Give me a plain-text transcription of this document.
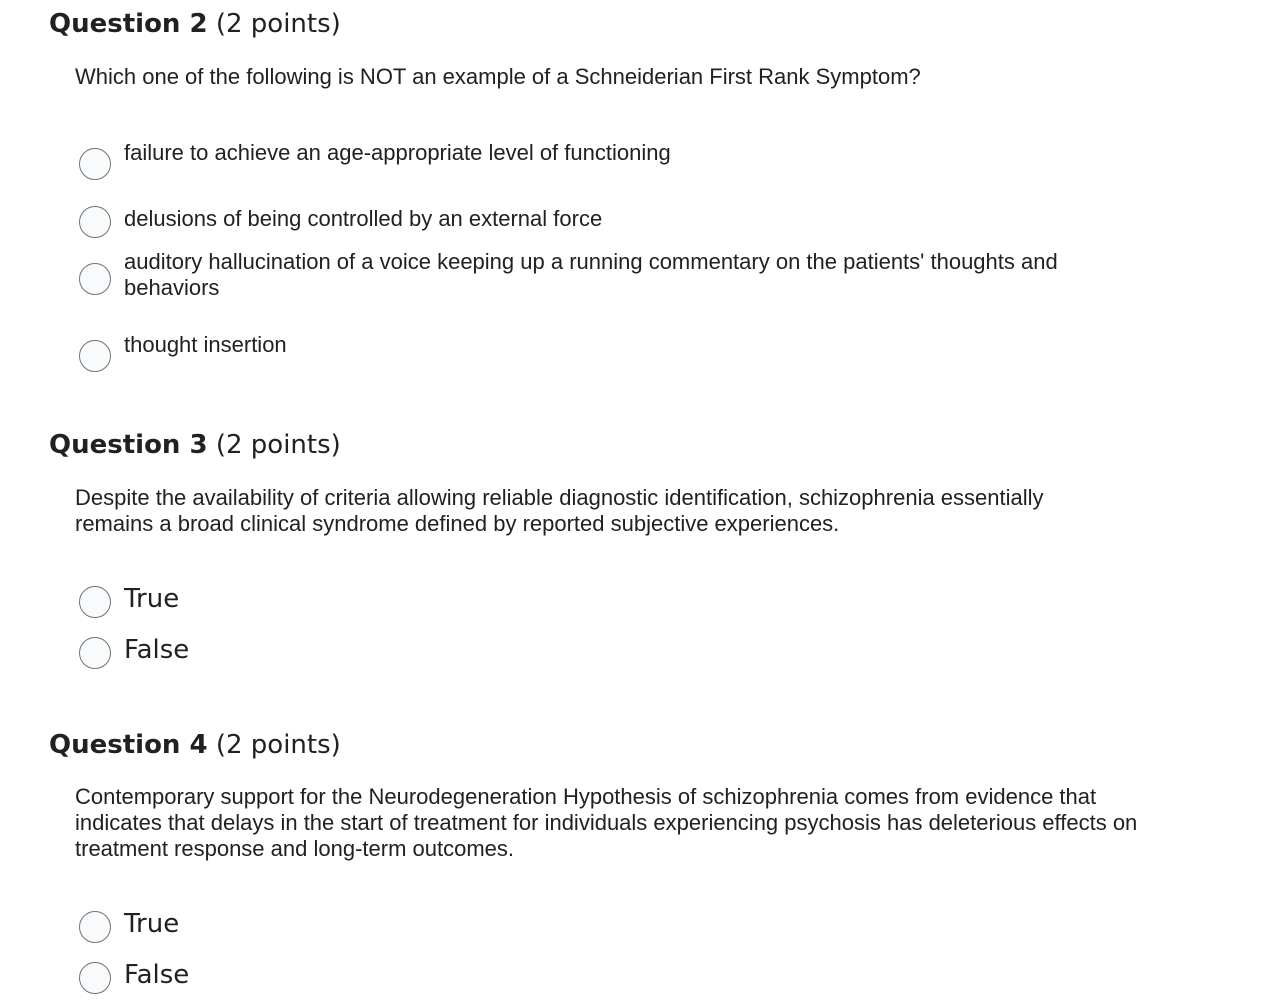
Question 2 (2 points)

Which one of the following is NOT an example of a Schneiderian First Rank Symptom?

failure to achieve an age-appropriate level of functioning
delusions of being controlled by an external force
auditory hallucination of a voice keeping up a running commentary on the patients' thoughts and behaviors
thought insertion
Question 3 (2 points)

Despite the availability of criteria allowing reliable diagnostic identification, schizophrenia essentially remains a broad clinical syndrome defined by reported subjective experiences.

True
False
Question 4 (2 points)

Contemporary support for the Neurodegeneration Hypothesis of schizophrenia comes from evidence that indicates that delays in the start of treatment for individuals experiencing psychosis has deleterious effects on treatment response and long-term outcomes.

True
False
